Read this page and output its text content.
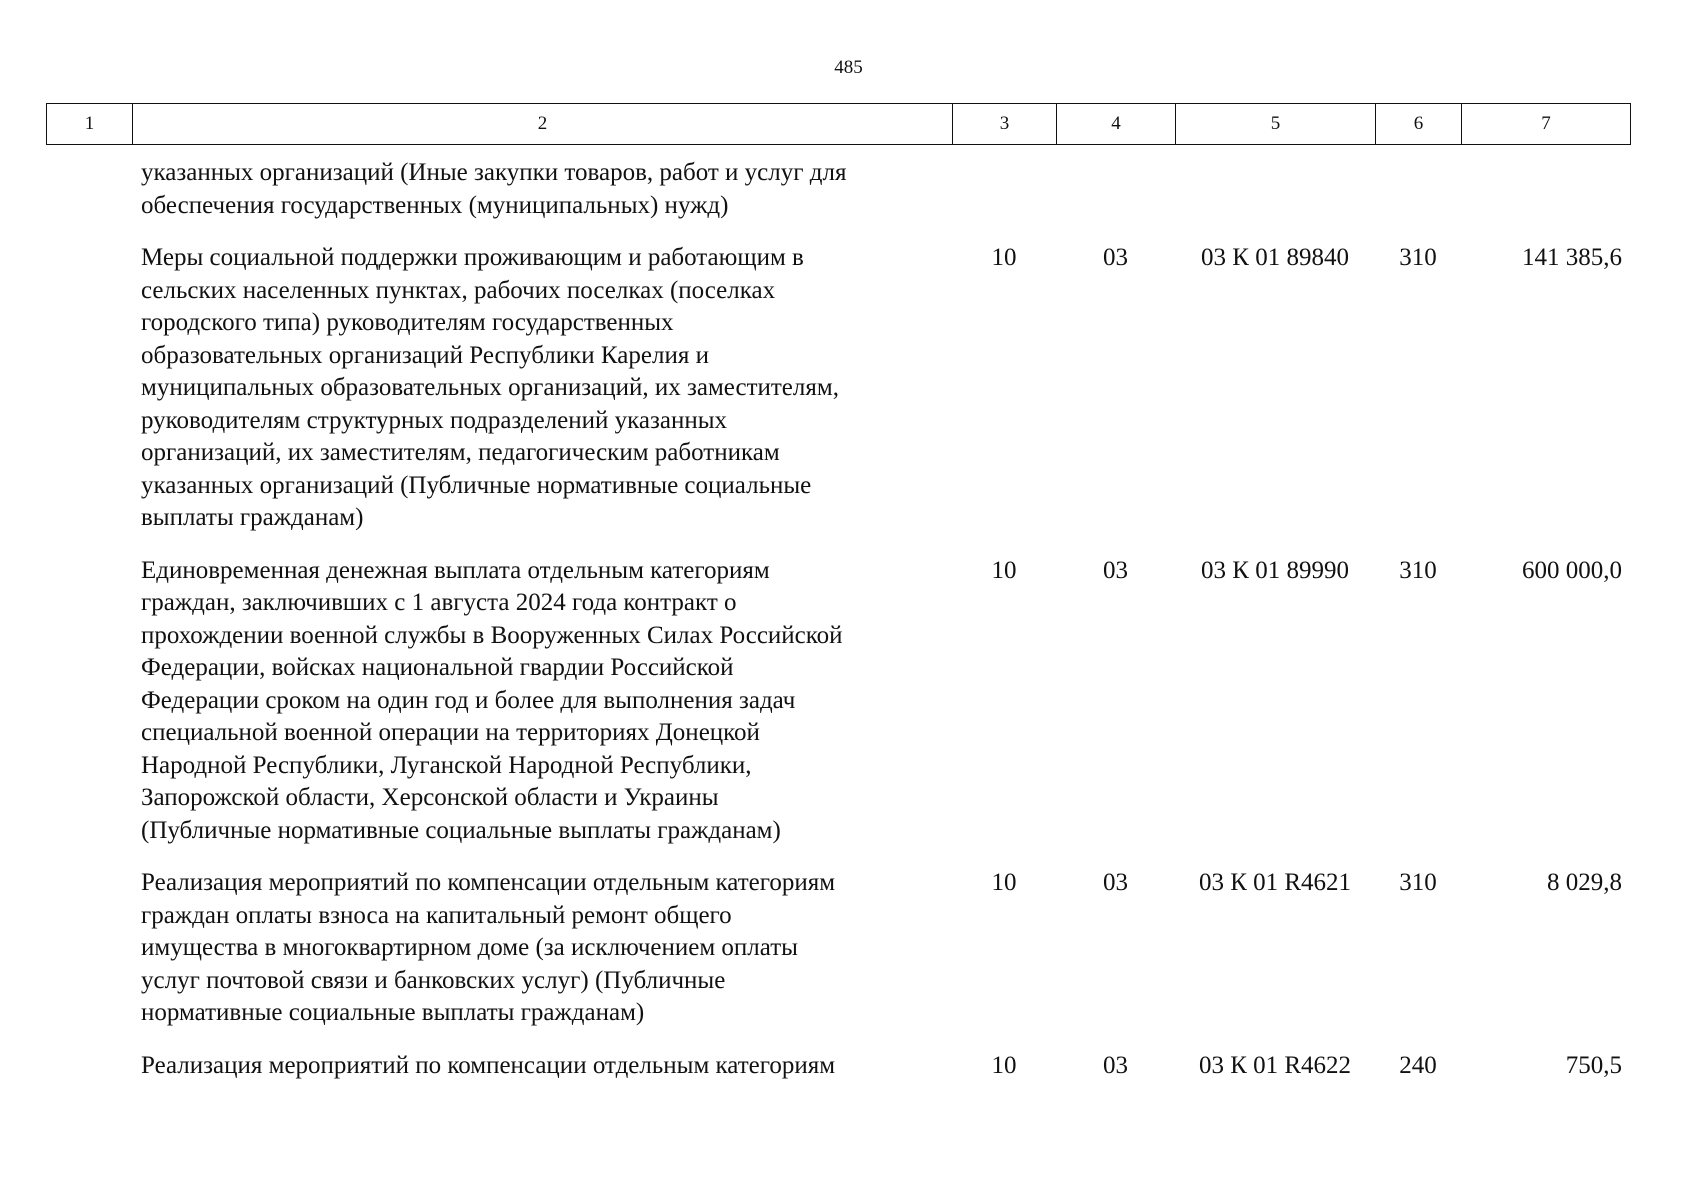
485
1	2	3	4	5	6	7
указанных организаций (Иные закупки товаров, работ и услуг для
обеспечения государственных (муниципальных) нужд)
Меры социальной поддержки проживающим и работающим в
сельских населенных пунктах, рабочих поселках (поселках
городского типа) руководителям государственных
образовательных организаций Республики Карелия и
муниципальных образовательных организаций, их заместителям,
руководителям структурных подразделений указанных
организаций, их заместителям, педагогическим работникам
указанных организаций (Публичные нормативные социальные
выплаты гражданам)
10	03	03 К 01 89840	310	141 385,6
Единовременная денежная выплата отдельным категориям
граждан, заключивших с 1 августа 2024 года контракт о
прохождении военной службы в Вооруженных Силах Российской
Федерации, войсках национальной гвардии Российской
Федерации сроком на один год и более для выполнения задач
специальной военной операции на территориях Донецкой
Народной Республики, Луганской Народной Республики,
Запорожской области, Херсонской области и Украины
(Публичные нормативные социальные выплаты гражданам)
10	03	03 К 01 89990	310	600 000,0
Реализация мероприятий по компенсации отдельным категориям
граждан оплаты взноса на капитальный ремонт общего
имущества в многоквартирном доме (за исключением оплаты
услуг почтовой связи и банковских услуг) (Публичные
нормативные социальные выплаты гражданам)
10	03	03 К 01 R4621	310	8 029,8
Реализация мероприятий по компенсации отдельным категориям	10	03	03 К 01 R4622	240	750,5
